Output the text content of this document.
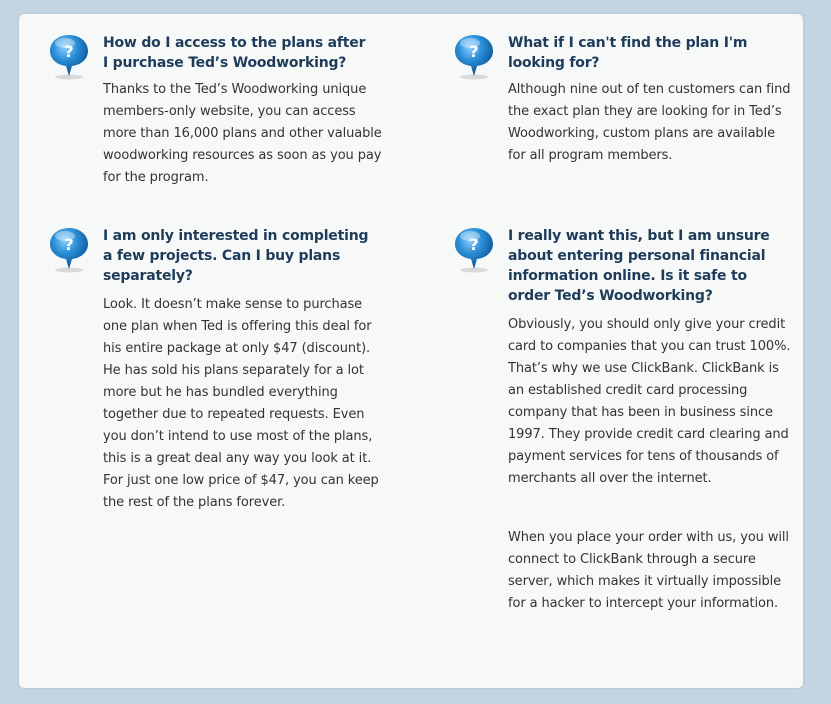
? How do I access to the plans after I purchase Ted’s Woodworking?

Thanks to the Ted’s Woodworking unique members-only website, you can access more than 16,000 plans and other valuable woodworking resources as soon as you pay for the program.

? What if I can't find the plan I'm looking for?

Although nine out of ten customers can find the exact plan they are looking for in Ted’s Woodworking, custom plans are available for all program members.

? I am only interested in completing a few projects. Can I buy plans separately?

Look. It doesn’t make sense to purchase one plan when Ted is offering this deal for his entire package at only $47 (discount). He has sold his plans separately for a lot more but he has bundled everything together due to repeated requests. Even you don’t intend to use most of the plans, this is a great deal any way you look at it. For just one low price of $47, you can keep the rest of the plans forever.

? I really want this, but I am unsure about entering personal financial information online. Is it safe to order Ted’s Woodworking?

Obviously, you should only give your credit card to companies that you can trust 100%. That’s why we use ClickBank. ClickBank is an established credit card processing company that has been in business since 1997. They provide credit card clearing and payment services for tens of thousands of merchants all over the internet.

When you place your order with us, you will connect to ClickBank through a secure server, which makes it virtually impossible for a hacker to intercept your information.
